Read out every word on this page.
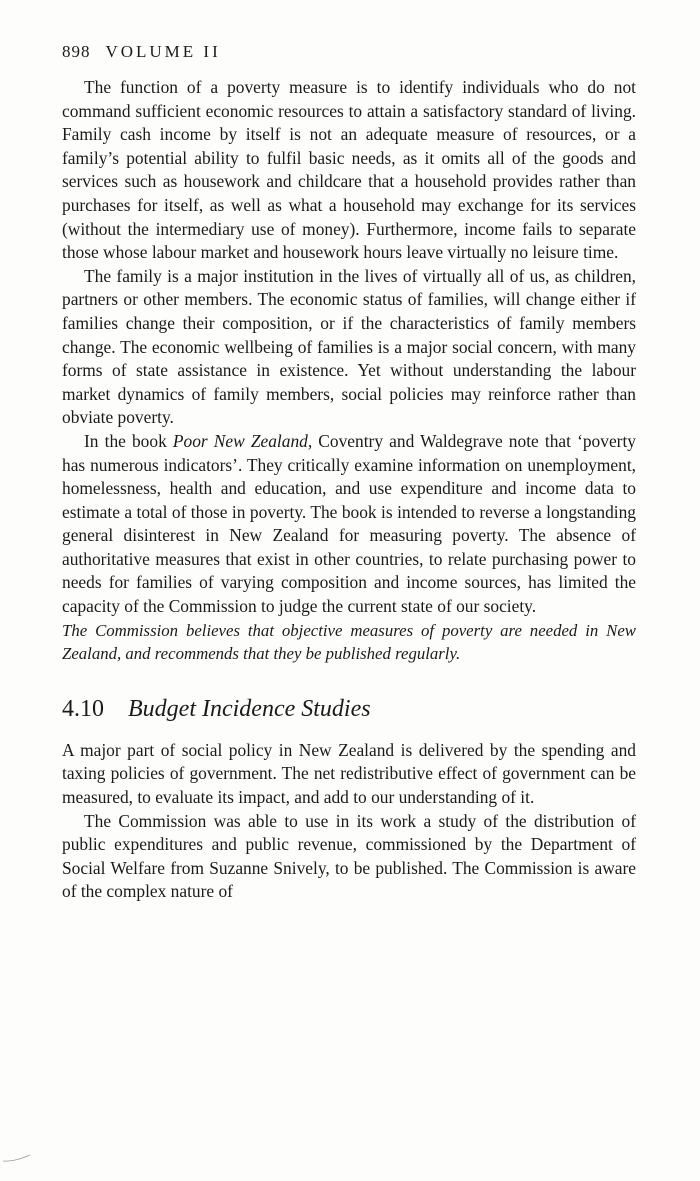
898 VOLUME II

The function of a poverty measure is to identify individuals who do not command sufficient economic resources to attain a satisfactory standard of living. Family cash income by itself is not an adequate measure of resources, or a family’s potential ability to fulfil basic needs, as it omits all of the goods and services such as housework and childcare that a household provides rather than purchases for itself, as well as what a household may exchange for its services (without the intermediary use of money). Furthermore, income fails to separate those whose labour market and housework hours leave virtually no leisure time.

The family is a major institution in the lives of virtually all of us, as children, partners or other members. The economic status of families, will change either if families change their composition, or if the characteristics of family members change. The economic wellbeing of families is a major social concern, with many forms of state assistance in existence. Yet without understanding the labour market dynamics of family members, social policies may reinforce rather than obviate poverty.

In the book Poor New Zealand, Coventry and Waldegrave note that ‘poverty has numerous indicators’. They critically examine information on unemployment, homelessness, health and education, and use expenditure and income data to estimate a total of those in poverty. The book is intended to reverse a longstanding general disinterest in New Zealand for measuring poverty. The absence of authoritative measures that exist in other countries, to relate purchasing power to needs for families of varying composition and income sources, has limited the capacity of the Commission to judge the current state of our society.

The Commission believes that objective measures of poverty are needed in New Zealand, and recommends that they be published regularly.

4.10 Budget Incidence Studies

A major part of social policy in New Zealand is delivered by the spending and taxing policies of government. The net redistributive effect of government can be measured, to evaluate its impact, and add to our understanding of it.

The Commission was able to use in its work a study of the distribution of public expenditures and public revenue, commissioned by the Department of Social Welfare from Suzanne Snively, to be published. The Commission is aware of the complex nature of
